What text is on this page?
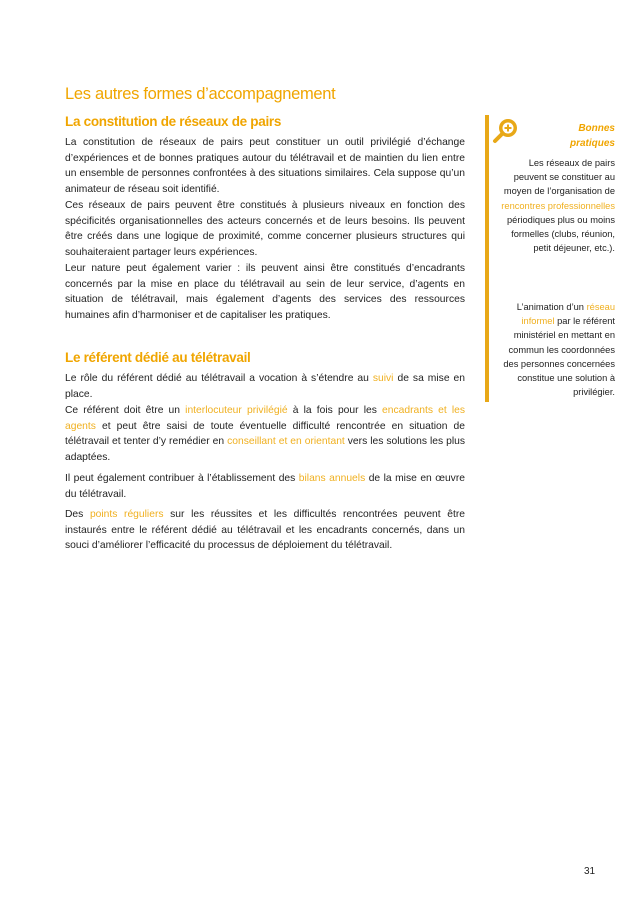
Les autres formes d’accompagnement
La constitution de réseaux de pairs

La constitution de réseaux de pairs peut constituer un outil privilégié d’échange d’expériences et de bonnes pratiques autour du télétravail et de maintien du lien entre un ensemble de personnes confrontées à des situations similaires. Cela suppose qu’un animateur de réseau soit identifié.

Ces réseaux de pairs peuvent être constitués à plusieurs niveaux en fonction des spécificités organisationnelles des acteurs concernés et de leurs besoins. Ils peuvent être créés dans une logique de proximité, comme concerner plusieurs structures qui souhaiteraient partager leurs expériences.

Leur nature peut également varier : ils peuvent ainsi être constitués d’encadrants concernés par la mise en place du télétravail au sein de leur service, d’agents en situation de télétravail, mais également d’agents des services des ressources humaines afin d’harmoniser et de capitaliser les pratiques.

Le référent dédié au télétravail

Le rôle du référent dédié au télétravail a vocation à s’étendre au suivi de sa mise en place.

Ce référent doit être un interlocuteur privilégié à la fois pour les encadrants et les agents et peut être saisi de toute éventuelle difficulté rencontrée en situation de télétravail et tenter d’y remédier en conseillant et en orientant vers les solutions les plus adaptées.

Il peut également contribuer à l’établissement des bilans annuels de la mise en œuvre du télétravail.

Des points réguliers sur les réussites et les difficultés rencontrées peuvent être instaurés entre le référent dédié au télétravail et les encadrants concernés, dans un souci d’améliorer l’efficacité du processus de déploiement du télétravail.

Bonnes
pratiques
Les réseaux de pairs peuvent se constituer au moyen de l’organisation de rencontres professionnelles périodiques plus ou moins formelles (clubs, réunion, petit déjeuner, etc.).
L’animation d’un réseau informel par le référent ministériel en mettant en commun les coordonnées des personnes concernées constitue une solution à privilégier.
31
